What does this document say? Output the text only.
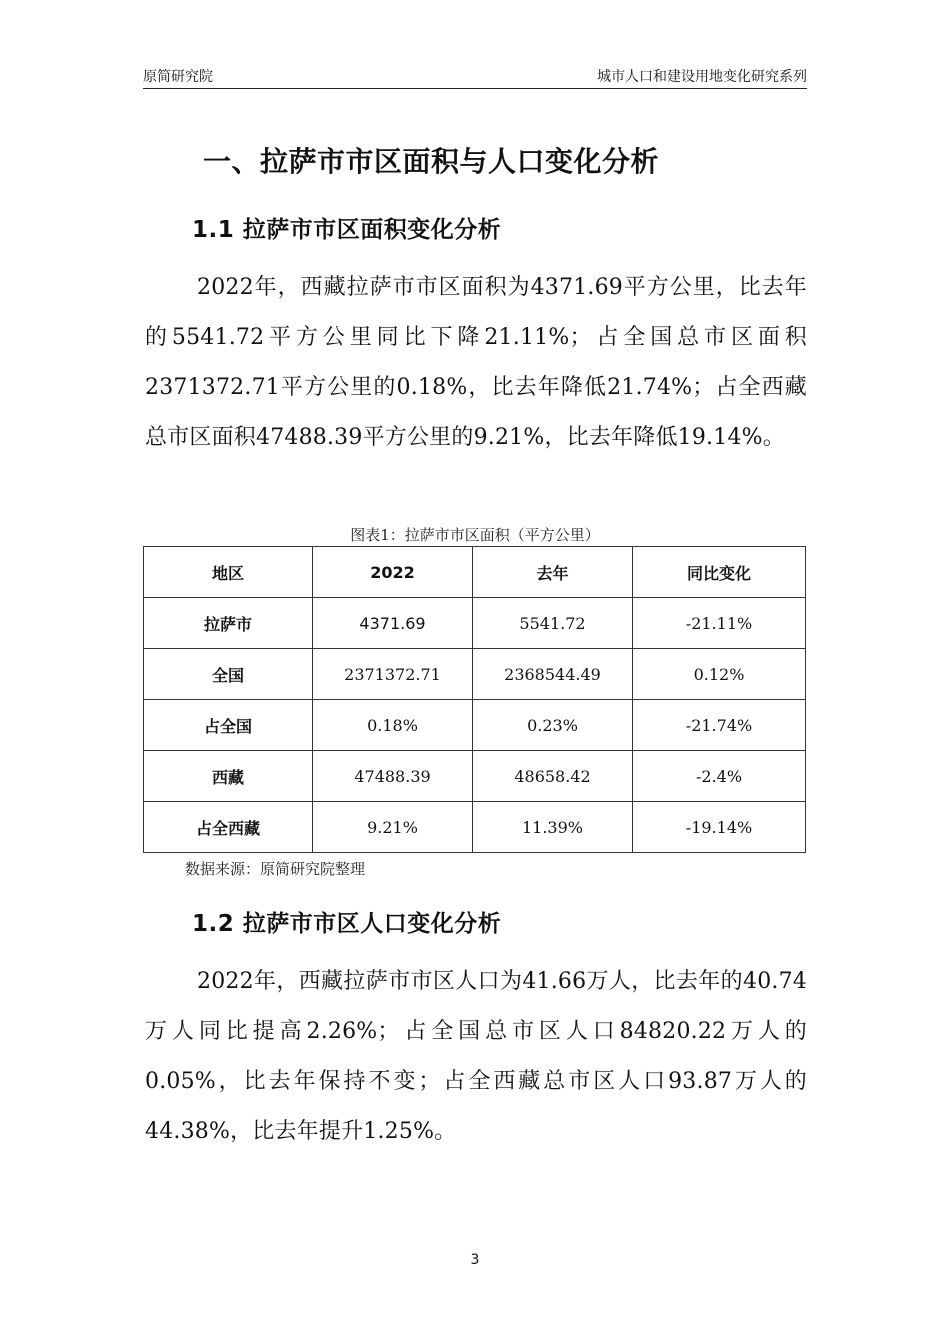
原简研究院	城市人口和建设用地变化研究系列
一、拉萨市市区面积与人口变化分析
1.1 拉萨市市区面积变化分析

2022年，西藏拉萨市市区面积为4371.69平方公里，比去年的5541.72平方公里同比下降21.11%；占全国总市区面积2371372.71平方公里的0.18%，比去年降低21.74%；占全西藏总市区面积47488.39平方公里的9.21%，比去年降低19.14%。

图表1：拉萨市市区面积（平方公里）
地区	2022	去年	同比变化
拉萨市	4371.69	5541.72	-21.11%
全国	2371372.71	2368544.49	0.12%
占全国	0.18%	0.23%	-21.74%
西藏	47488.39	48658.42	-2.4%
占全西藏	9.21%	11.39%	-19.14%
数据来源：原简研究院整理
1.2 拉萨市市区人口变化分析

2022年，西藏拉萨市市区人口为41.66万人，比去年的40.74万人同比提高2.26%；占全国总市区人口84820.22万人的0.05%，比去年保持不变；占全西藏总市区人口93.87万人的44.38%，比去年提升1.25%。

3
